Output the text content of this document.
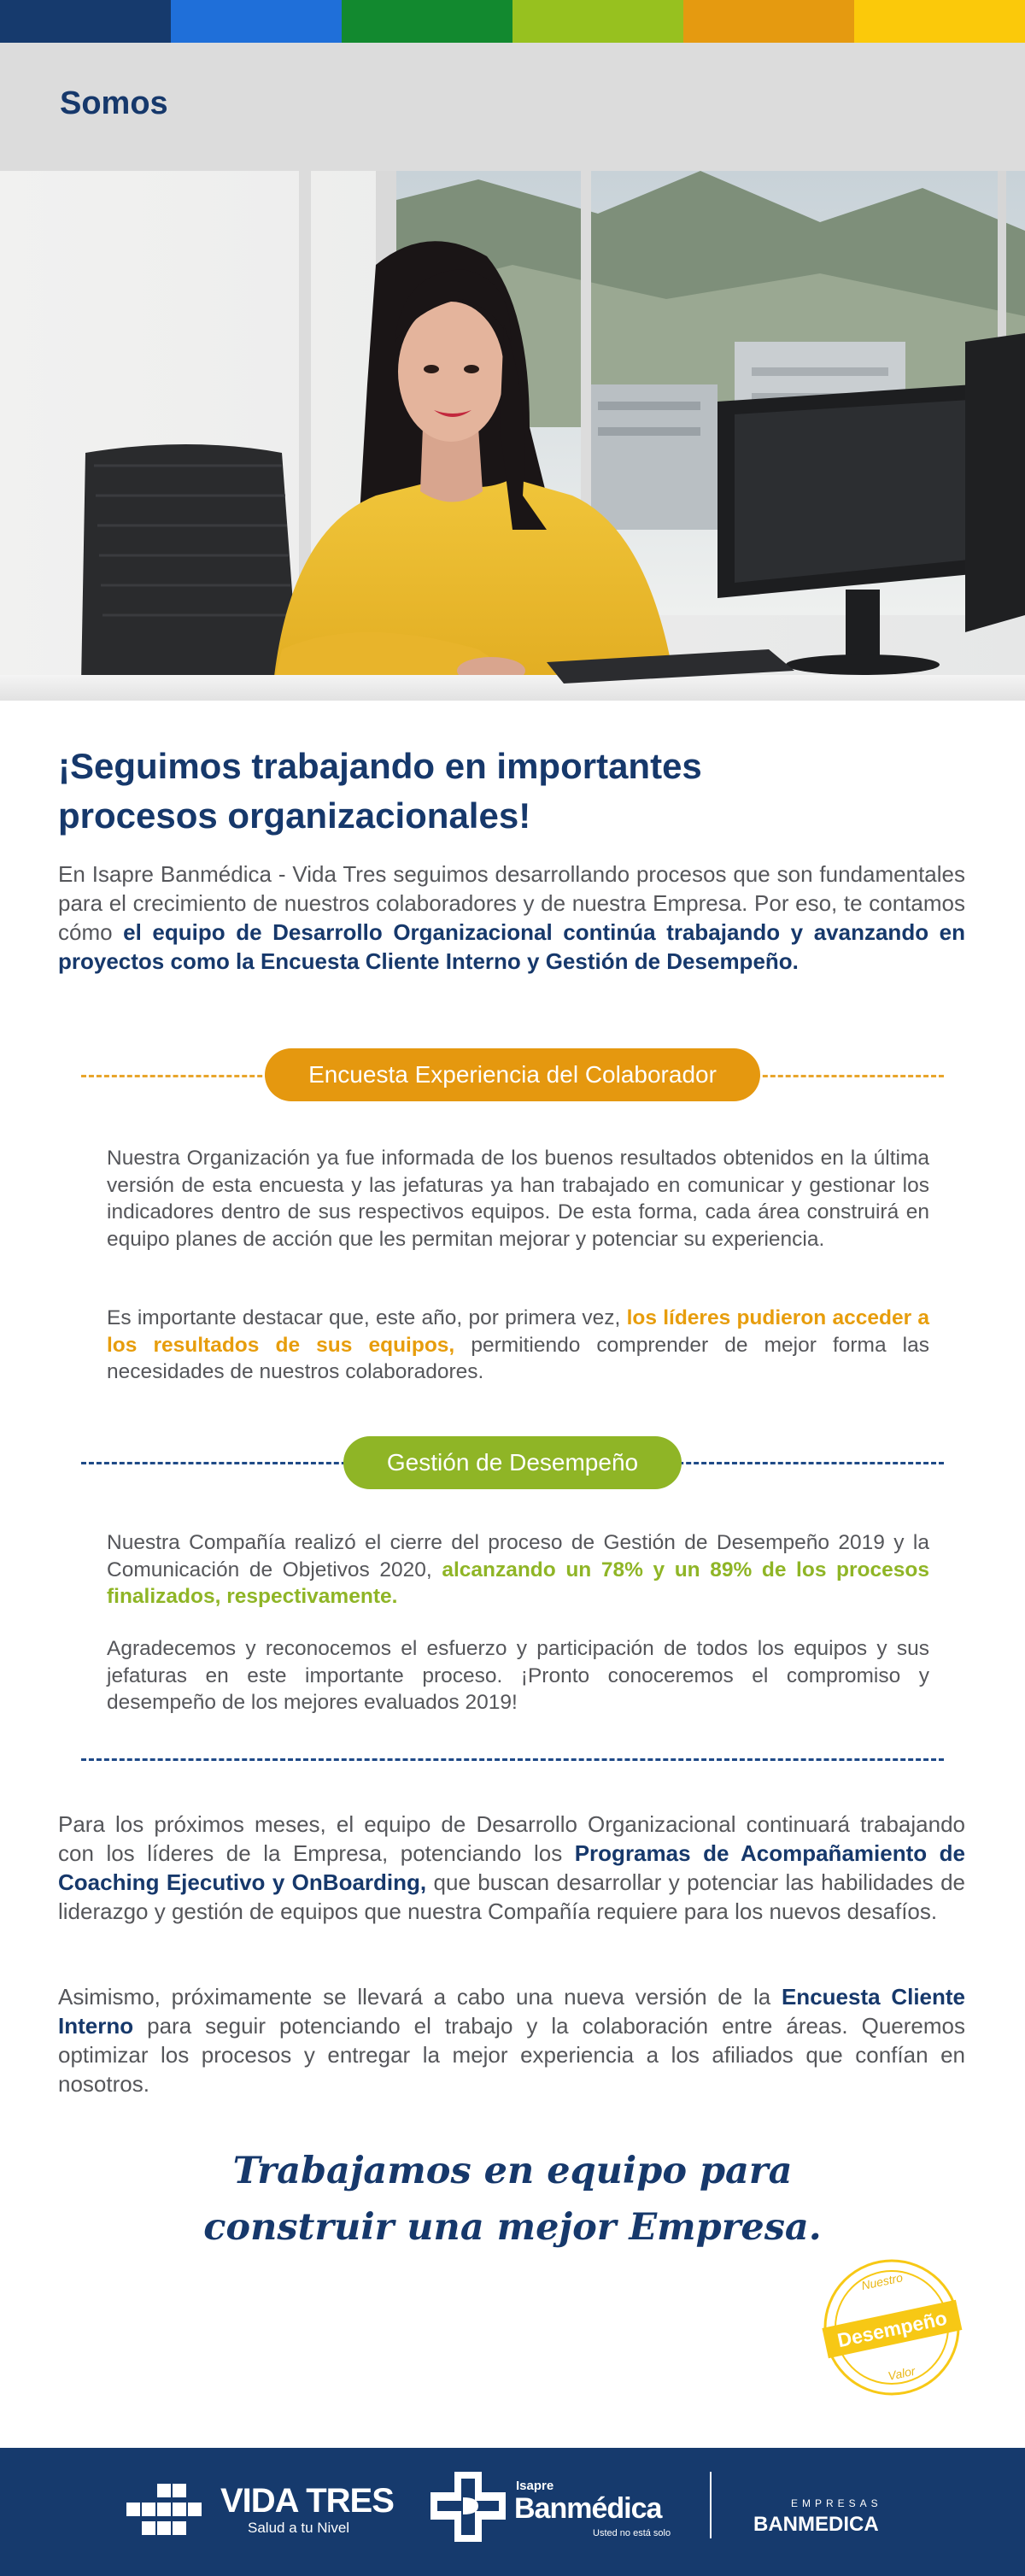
Somos
¡Seguimos trabajando en importantes
procesos organizacionales!

En Isapre Banmédica - Vida Tres seguimos desarrollando procesos que son fundamentales para el crecimiento de nuestros colaboradores y de nuestra Empresa. Por eso, te contamos cómo el equipo de Desarrollo Organizacional continúa trabajando y avanzando en proyectos como la Encuesta Cliente Interno y Gestión de Desempeño.

Encuesta Experiencia del Colaborador

Nuestra Organización ya fue informada de los buenos resultados obtenidos en la última versión de esta encuesta y las jefaturas ya han trabajado en comunicar y gestionar los indicadores dentro de sus respectivos equipos. De esta forma, cada área construirá en equipo planes de acción que les permitan mejorar y potenciar su experiencia.

Es importante destacar que, este año, por primera vez, los líderes pudieron acceder a los resultados de sus equipos, permitiendo comprender de mejor forma las necesidades de nuestros colaboradores.

Gestión de Desempeño

Nuestra Compañía realizó el cierre del proceso de Gestión de Desempeño 2019 y la Comunicación de Objetivos 2020, alcanzando un 78% y un 89% de los procesos finalizados, respectivamente.

Agradecemos y reconocemos el esfuerzo y participación de todos los equipos y sus jefaturas en este importante proceso. ¡Pronto conoceremos el compromiso y desempeño de los mejores evaluados 2019!

Para los próximos meses, el equipo de Desarrollo Organizacional continuará trabajando con los líderes de la Empresa, potenciando los Programas de Acompañamiento de Coaching Ejecutivo y OnBoarding, que buscan desarrollar y potenciar las habilidades de liderazgo y gestión de equipos que nuestra Compañía requiere para los nuevos desafíos.

Asimismo, próximamente se llevará a cabo una nueva versión de la Encuesta Cliente Interno para seguir potenciando el trabajo y la colaboración entre áreas. Queremos optimizar los procesos y entregar la mejor experiencia a los afiliados que confían en nosotros.

Trabajamos en equipo para
construir una mejor Empresa.
Nuestro
Desempeño
Valor
VIDA TRES
Salud a tu Nivel
Isapre
Banmédica
Usted no está solo
EMPRESAS
BANMEDICA
